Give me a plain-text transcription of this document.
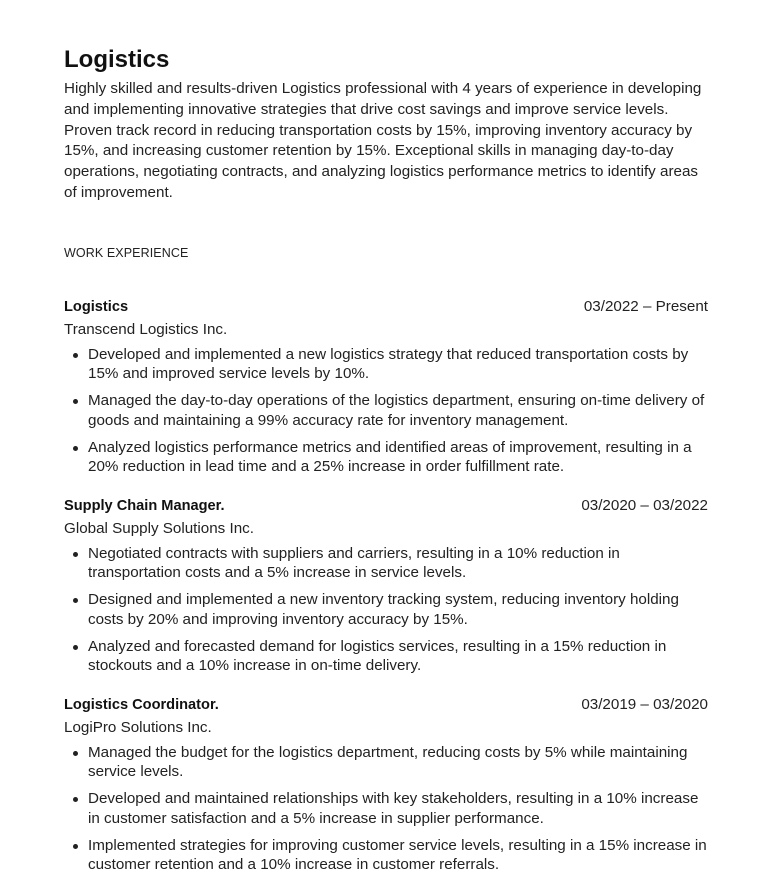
Logistics

Highly skilled and results-driven Logistics professional with 4 years of experience in developing and implementing innovative strategies that drive cost savings and improve service levels. Proven track record in reducing transportation costs by 15%, improving inventory accuracy by 15%, and increasing customer retention by 15%. Exceptional skills in managing day-to-day operations, negotiating contracts, and analyzing logistics performance metrics to identify areas of improvement.

WORK EXPERIENCE
Logistics	03/2022 – Present
Transcend Logistics Inc.
Developed and implemented a new logistics strategy that reduced transportation costs by 15% and improved service levels by 10%.
Managed the day-to-day operations of the logistics department, ensuring on-time delivery of goods and maintaining a 99% accuracy rate for inventory management.
Analyzed logistics performance metrics and identified areas of improvement, resulting in a 20% reduction in lead time and a 25% increase in order fulfillment rate.
Supply Chain Manager.	03/2020 – 03/2022
Global Supply Solutions Inc.
Negotiated contracts with suppliers and carriers, resulting in a 10% reduction in transportation costs and a 5% increase in service levels.
Designed and implemented a new inventory tracking system, reducing inventory holding costs by 20% and improving inventory accuracy by 15%.
Analyzed and forecasted demand for logistics services, resulting in a 15% reduction in stockouts and a 10% increase in on-time delivery.
Logistics Coordinator.	03/2019 – 03/2020
LogiPro Solutions Inc.
Managed the budget for the logistics department, reducing costs by 5% while maintaining service levels.
Developed and maintained relationships with key stakeholders, resulting in a 10% increase in customer satisfaction and a 5% increase in supplier performance.
Implemented strategies for improving customer service levels, resulting in a 15% increase in customer retention and a 10% increase in customer referrals.
